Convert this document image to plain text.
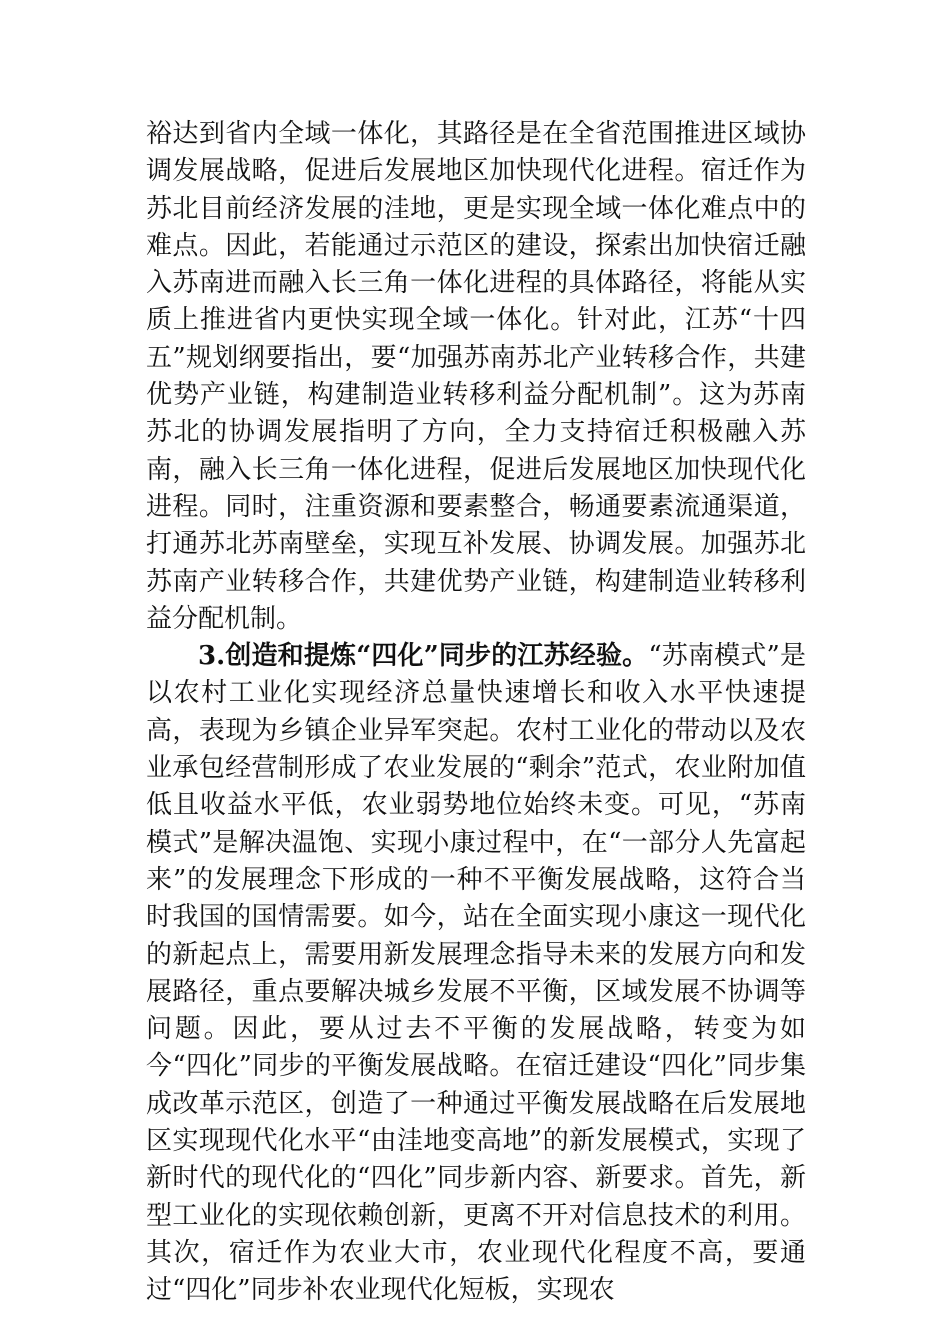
裕达到省内全域一体化，其路径是在全省范围推进区域协调发展战略，促进后发展地区加快现代化进程。宿迁作为苏北目前经济发展的洼地，更是实现全域一体化难点中的难点。因此，若能通过示范区的建设，探索出加快宿迁融入苏南进而融入长三角一体化进程的具体路径，将能从实质上推进省内更快实现全域一体化。针对此，江苏“十四五”规划纲要指出，要“加强苏南苏北产业转移合作，共建优势产业链，构建制造业转移利益分配机制”。这为苏南苏北的协调发展指明了方向，全力支持宿迁积极融入苏南，融入长三角一体化进程，促进后发展地区加快现代化进程。同时，注重资源和要素整合，畅通要素流通渠道，打通苏北苏南壁垒，实现互补发展、协调发展。加强苏北苏南产业转移合作，共建优势产业链，构建制造业转移利益分配机制。

3.创造和提炼“四化”同步的江苏经验。“苏南模式”是以农村工业化实现经济总量快速增长和收入水平快速提高，表现为乡镇企业异军突起。农村工业化的带动以及农业承包经营制形成了农业发展的“剩余”范式，农业附加值低且收益水平低，农业弱势地位始终未变。可见，“苏南模式”是解决温饱、实现小康过程中，在“一部分人先富起来”的发展理念下形成的一种不平衡发展战略，这符合当时我国的国情需要。如今，站在全面实现小康这一现代化的新起点上，需要用新发展理念指导未来的发展方向和发展路径，重点要解决城乡发展不平衡，区域发展不协调等问题。因此，要从过去不平衡的发展战略，转变为如今“四化”同步的平衡发展战略。在宿迁建设“四化”同步集成改革示范区，创造了一种通过平衡发展战略在后发展地区实现现代化水平“由洼地变高地”的新发展模式，实现了新时代的现代化的“四化”同步新内容、新要求。首先，新型工业化的实现依赖创新，更离不开对信息技术的利用。其次，宿迁作为农业大市，农业现代化程度不高，要通过“四化”同步补农业现代化短板，实现农
